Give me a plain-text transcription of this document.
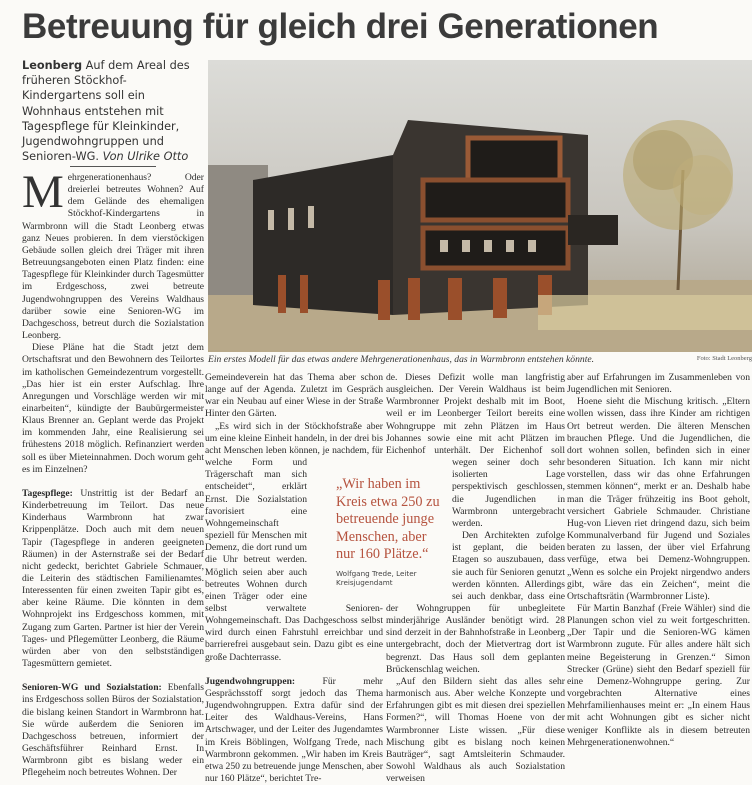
Betreuung für gleich drei Generationen
Leonberg Auf dem Areal des früheren Stöckhof-Kindergartens soll ein Wohnhaus entstehen mit Tagespflege für Kleinkinder, Jugendwohngruppen und Senioren-WG. Von Ulrike Otto

Mehrgenerationenhaus? Oder dreierlei betreutes Wohnen? Auf dem Gelände des ehemaligen Stöckhof-Kindergartens in Warmbronn will die Stadt Leonberg etwas ganz Neues probieren. In dem vierstöckigen Gebäude sollen gleich drei Träger mit ihren Betreuungsangeboten einen Platz finden: eine Tagespflege für Kleinkinder durch Tagesmütter im Erdgeschoss, zwei betreute Jugendwohngruppen des Vereins Waldhaus darüber sowie eine Senioren-WG im Dachgeschoss, betreut durch die Sozialstation Leonberg.

Diese Pläne hat die Stadt jetzt dem Ortschaftsrat und den Bewohnern des Teilortes im katholischen Gemeindezentrum vorgestellt. „Das hier ist ein erster Aufschlag. Ihre Anregungen und Vorschläge werden wir mit einarbeiten“, kündigte der Baubürgermeister Klaus Brenner an. Geplant werde das Projekt im kommenden Jahr, eine Realisierung sei frühestens 2018 möglich. Refinanziert werden soll es über Mieteinnahmen. Doch worum geht es im Einzelnen?

Tagespflege: Unstrittig ist der Bedarf an Kinderbetreuung im Teilort. Das neue Kinderhaus Warmbronn hat zwar Krippenplätze. Doch auch mit dem neuen Tapir (Tagespflege in anderen geeigneten Räumen) in der Asternstraße sei der Bedarf nicht gedeckt, berichtet Gabriele Schmauer, die Leiterin des städtischen Familienamtes. Interessenten für einen zweiten Tapir gibt es, aber keine Räume. Die könnten in dem Wohnprojekt ins Erdgeschoss kommen, mit Zugang zum Garten. Partner ist hier der Verein Tages- und Pflegemütter Leonberg, die Räume würden aber von den selbstständigen Tagesmüttern gemietet.

Senioren-WG und Sozialstation: Ebenfalls ins Erdgeschoss sollen Büros der Sozialstation, die bislang keinen Standort in Warmbronn hat. Sie würde außerdem die Senioren im Dachgeschoss betreuen, informiert der Geschäftsführer Reinhard Ernst. In Warmbronn gibt es bislang weder ein Pflegeheim noch betreutes Wohnen. Der

Ein erstes Modell für das etwas andere Mehrgenerationenhaus, das in Warmbronn entstehen könnte.	Foto: Stadt Leonberg

Gemeindeverein hat das Thema aber schon lange auf der Agenda. Zuletzt im Gespräch war ein Neubau auf einer Wiese in der Straße Hinter den Gärten.

„Es wird sich in der Stöckhofstraße aber um eine kleine Einheit handeln, in der drei bis acht Menschen leben können, je nachdem, für welche Form und Trägerschaft man sich entscheidet“, erklärt Ernst. Die Sozialstation favorisiert eine Wohngemeinschaft speziell für Menschen mit Demenz, die dort rund um die Uhr betreut werden. Möglich seien aber auch betreutes Wohnen durch einen Träger oder eine selbst verwaltete Senioren-Wohngemeinschaft. Das Dachgeschoss selbst wird durch einen Fahrstuhl erreichbar und barrierefrei ausgebaut sein. Dazu gibt es eine große Dachterrasse.

Jugendwohngruppen: Für mehr Gesprächsstoff sorgt jedoch das Thema Jugendwohngruppen. Extra dafür sind der Leiter des Waldhaus-Vereins, Hans Artschwager, und der Leiter des Jugendamtes im Kreis Böblingen, Wolfgang Trede, nach Warmbronn gekommen. „Wir haben im Kreis etwa 250 zu betreuende junge Menschen, aber nur 160 Plätze“, berichtet Tre-

de. Dieses Defizit wolle man langfristig ausgleichen. Der Verein Waldhaus ist beim Warmbronner Projekt deshalb mit im Boot, weil er im Leonberger Teilort bereits eine Wohngruppe mit zehn Plätzen im Haus Johannes sowie eine mit acht Plätzen im Eichenhof unterhält. Der Eichenhof soll wegen seiner doch sehr isolierten Lage perspektivisch geschlossen, die Jugendlichen in Warmbronn untergebracht werden.

Den Architekten zufolge ist geplant, die beiden Etagen so auszubauen, dass sie auch für Senioren genutzt werden könnten. Allerdings sei auch denkbar, dass eine der Wohngruppen für unbegleitete minderjährige Ausländer benötigt wird. 28 sind derzeit in der Bahnhofstraße in Leonberg untergebracht, doch der Mietvertrag dort ist begrenzt. Das Haus soll dem geplanten Brückenschlag weichen.

„Auf den Bildern sieht das alles sehr harmonisch aus. Aber welche Konzepte und Erfahrungen gibt es mit diesen drei speziellen Formen?“, will Thomas Hoene von der Warmbronner Liste wissen. „Für diese Mischung gibt es bislang noch keinen Bauträger“, sagt Amtsleiterin Schmauder. Sowohl Waldhaus als auch Sozialstation verweisen

aber auf Erfahrungen im Zusammenleben von Jugendlichen mit Senioren.

Hoene sieht die Mischung kritisch. „Eltern wollen wissen, dass ihre Kinder am richtigen Ort betreut werden. Die älteren Menschen brauchen Pflege. Und die Jugendlichen, die dort wohnen sollen, befinden sich in einer besonderen Situation. Ich kann mir nicht vorstellen, dass wir das ohne Erfahrungen stemmen können“, merkt er an. Deshalb habe man die Träger frühzeitig ins Boot geholt, versichert Gabriele Schmauder. Christiane Hug-von Lieven riet dringend dazu, sich beim Kommunalverband für Jugend und Soziales beraten zu lassen, der über viel Erfahrung verfüge, etwa bei Demenz-Wohngruppen. „Wenn es solche ein Projekt nirgendwo anders gibt, wäre das ein Zeichen“, meint die Ortschaftsrätin (Warmbronner Liste).

Für Martin Banzhaf (Freie Wähler) sind die Planungen schon viel zu weit fortgeschritten. „Der Tapir und die Senioren-WG kämen Warmbronn zugute. Für alles andere hält sich meine Begeisterung in Grenzen.“ Simon Strecker (Grüne) sieht den Bedarf speziell für eine Demenz-Wohngruppe gering. Zur vorgebrachten Alternative eines Mehrfamilienhauses meint er: „In einem Haus mit acht Wohnungen gibt es sicher nicht weniger Konflikte als in diesem betreuten Mehrgenerationenwohnen.“

„Wir haben im Kreis etwa 250 zu betreuende junge Menschen, aber nur 160 Plätze.“
Wolfgang Trede, Leiter Kreisjugendamt
